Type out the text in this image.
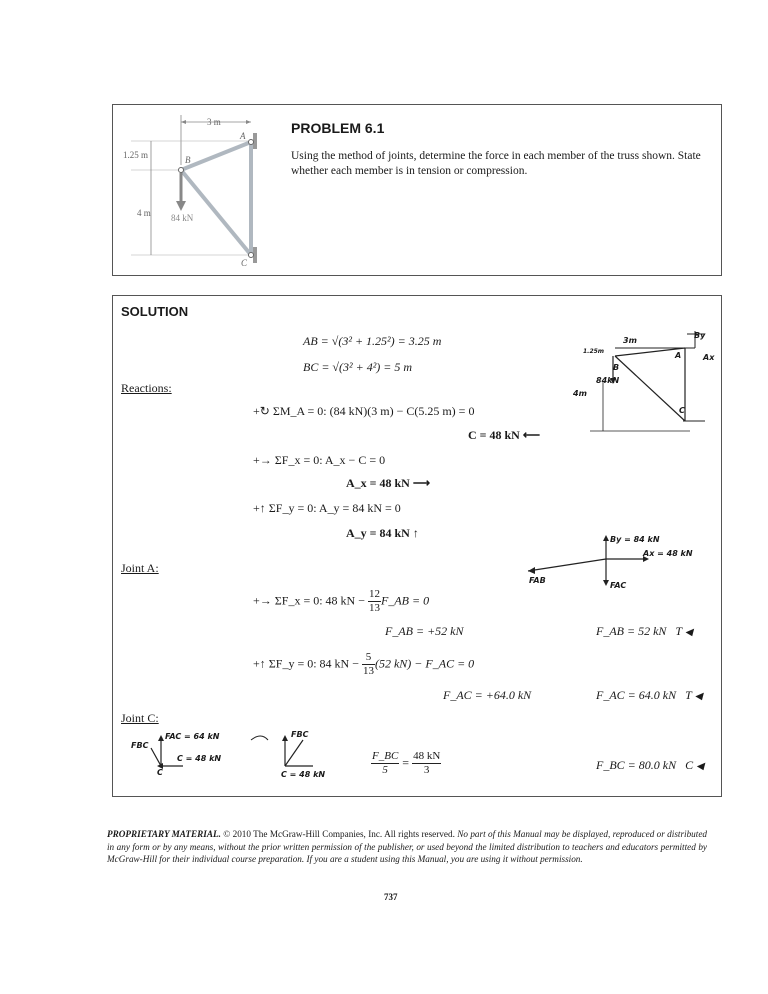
3 m
1.25 m
4 m 84 kN
A
B
C
PROBLEM 6.1
Using the method of joints, determine the force in each member of the truss shown. State whether each member is in tension or compression.
SOLUTION
AB = √(3² + 1.25²) = 3.25 m
BC = √(3² + 4²) = 5 m
Reactions:
+↻ ΣM_A = 0: (84 kN)(3 m) − C(5.25 m) = 0
C = 48 kN ⟵
+→ ΣF_x = 0: A_x − C = 0
A_x = 48 kN ⟶
+↑ ΣF_y = 0: A_y = 84 kN = 0
A_y = 84 kN ↑
By
3m
1.25m
84kN
4m
A
B
C
Ax
Joint A:
By = 84 kN
Ax = 48 kN
FAB
FAC
+→ ΣF_x = 0: 48 kN − $\frac{12}{13}$ F_AB = 0
F_AB = +52 kN	F_AB = 52 kN T ◀
+↑ ΣF_y = 0: 84 kN − $\frac{5}{13} (52$ kN) − F_AC = 0
F_AC = +64.0 kN	F_AC = 64.0 kN T ◀
Joint C:
FBC
FAC = 64 kN
C = 48 kN
C
FBC
C = 48 kN	$\frac{F\_BC}{5} = \frac{48 kN}{3}$	F_BC = 80.0 kN C ◀
PROPRIETARY MATERIAL. © 2010 The McGraw-Hill Companies, Inc. All rights reserved. No part of this Manual may be displayed, reproduced or distributed in any form or by any means, without the prior written permission of the publisher, or used beyond the limited distribution to teachers and educators permitted by McGraw-Hill for their individual course preparation. If you are a student using this Manual, you are using it without permission.
737
